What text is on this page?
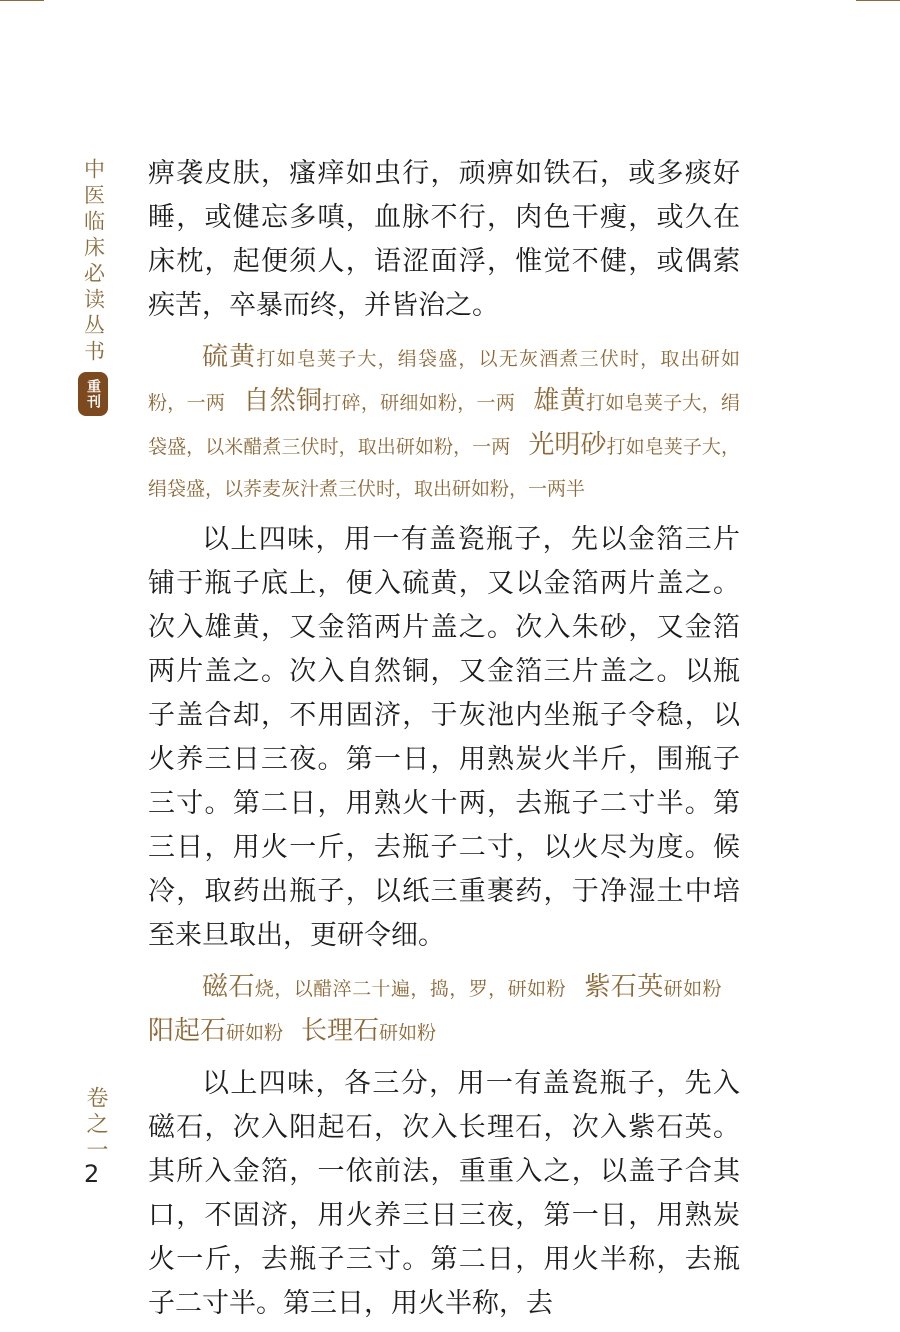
中医临床必读丛书
重刊
卷之一
2

痹袭皮肤，瘙痒如虫行，顽痹如铁石，或多痰好睡，或健忘多嗔，血脉不行，肉色干瘦，或久在床枕，起便须人，语涩面浮，惟觉不健，或偶萦疾苦，卒暴而终，并皆治之。

硫黄打如皂荚子大，绢袋盛，以无灰酒煮三伏时，取出研如粉，一两 自然铜打碎，研细如粉，一两 雄黄打如皂荚子大，绢袋盛，以米醋煮三伏时，取出研如粉，一两 光明砂打如皂荚子大，绢袋盛，以荞麦灰汁煮三伏时，取出研如粉，一两半

以上四味，用一有盖瓷瓶子，先以金箔三片铺于瓶子底上，便入硫黄，又以金箔两片盖之。次入雄黄，又金箔两片盖之。次入朱砂，又金箔两片盖之。次入自然铜，又金箔三片盖之。以瓶子盖合却，不用固济，于灰池内坐瓶子令稳，以火养三日三夜。第一日，用熟炭火半斤，围瓶子三寸。第二日，用熟火十两，去瓶子二寸半。第三日，用火一斤，去瓶子二寸，以火尽为度。候冷，取药出瓶子，以纸三重裹药，于净湿土中培至来旦取出，更研令细。

磁石烧，以醋淬二十遍，捣，罗，研如粉 紫石英研如粉阳起石研如粉 长理石研如粉

以上四味，各三分，用一有盖瓷瓶子，先入磁石，次入阳起石，次入长理石，次入紫石英。其所入金箔，一依前法，重重入之，以盖子合其口，不固济，用火养三日三夜，第一日，用熟炭火一斤，去瓶子三寸。第二日，用火半称，去瓶子二寸半。第三日，用火半称，去
